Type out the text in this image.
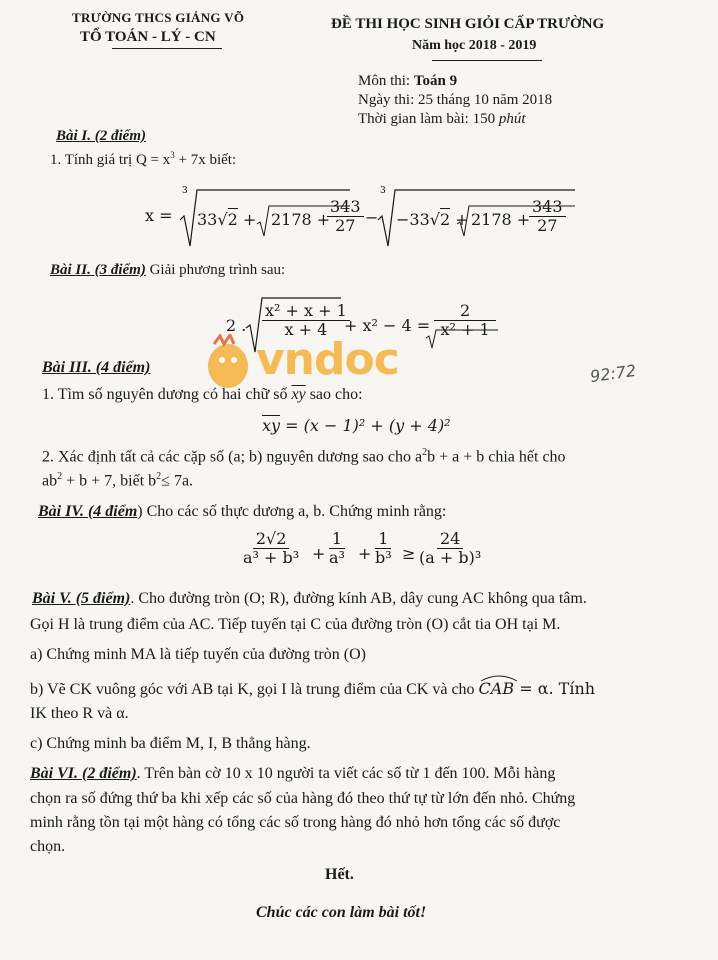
TRƯỜNG THCS GIẢNG VÕ
TỔ TOÁN - LÝ - CN
ĐỀ THI HỌC SINH GIỎI CẤP TRƯỜNG
Năm học 2018 - 2019
Môn thi: Toán 9
Ngày thi: 25 tháng 10 năm 2018
Thời gian làm bài: 150 phút
Bài I. (2 điểm)
1. Tính giá trị $Q = x^3 + 7x$ biết:
3	3
x = 33√2 + 2178 +
$\frac{343}{27} - -33√2 + 2178$ +
$\frac{343}{27}$
Bài II. (3 điểm) Giải phương trình sau:
2 . $\frac{\text{x² + x + 1}}{x + 4}$
+ $x^2 - 4 = \frac{2}{\text{x² + 1}}$
vndoc	92:72
Bài III. (4 điểm)
1. Tìm số nguyên dương có hai chữ số $\overline{xy}$ sao cho:
$\overline{xy} = (x - 1)^2 + (y + 4)^2$
2. Xác định tất cả các cặp số (a; b) nguyên dương sao cho $a^2b + a + b$ chia hết cho
$ab^2 + b + 7$, biết $b^2\le 7a$.
Bài IV. (4 điểm) Cho các số thực dương a, b. Chứng minh rằng:
$\frac{2√2}{\text{a³ + b³}} + \frac{1}{\text{a³}} + \frac{1}{\text{b³}} \ge \frac{24}{\text{(a + b)³}}$
Bài V. (5 điểm). Cho đường tròn (O; R), đường kính AB, dây cung AC không qua tâm.
Gọi H là trung điểm của AC. Tiếp tuyến tại C của đường tròn (O) cắt tia OH tại M.
a) Chứng minh MA là tiếp tuyến của đường tròn (O)
b) Vẽ CK vuông góc với AB tại K, gọi I là trung điểm của CK và cho CAB
= α. Tính
IK theo R và α.
c) Chứng minh ba điểm M, I, B thẳng hàng.
Bài VI. (2 điểm). Trên bàn cờ 10 x 10 người ta viết các số từ 1 đến 100. Mỗi hàng
chọn ra số đứng thứ ba khi xếp các số của hàng đó theo thứ tự từ lớn đến nhỏ. Chứng
minh rằng tồn tại một hàng có tổng các số trong hàng đó nhỏ hơn tổng các số được
chọn.
Hết.
Chúc các con làm bài tốt!
